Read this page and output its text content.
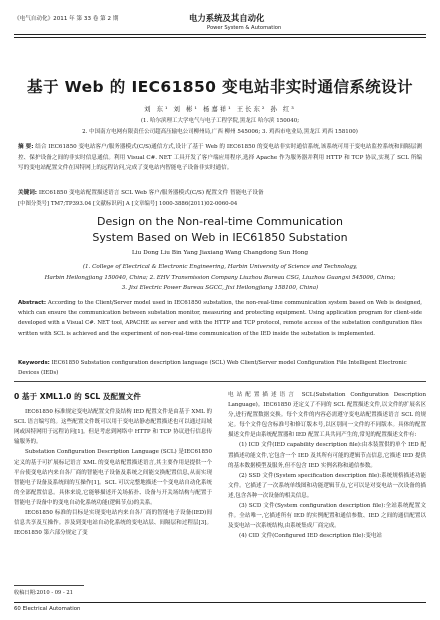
《电气自动化》2011 年 第 33 卷 第 2 期	电力系统及其自动化
Power System & Automation
基于 Web 的 IEC61850 变电站非实时通信系统设计
刘 东¹ 刘 彬¹ 杨嘉祥¹ 王长东² 孙 红³
(1. 哈尔滨理工大学电气与电子工程学院,黑龙江 哈尔滨 150040;
2. 中国南方电网有限责任公司超高压输电公司柳州局,广西 柳州 545006; 3. 鸡西市电业局,黑龙江 鸡西 158100)
摘 要: 结合 IEC61850 变电站客户/服务器模式(C/S)通信方式,设计了基于 Web 的 IEC61850 的变电站非实时通信系统,该系统可用于变电站监控系统和间隔层测控、保护设备之间的非实时信息通信。利用 Visual C#. NET 工具开发了客户端应用程序,选择 Apache 作为服务器并利用 HTTP 和 TCP 协议,实现了 SCL 所编写的变电站配置文件在因特网上的远程访问,完成了变电站内智能电子设备非实时通信。
关键词: IEC61850 变电站配置描述语言 SCL Web 客户/服务器模式(C/S) 配置文件 智能电子设备
[中图分类号] TM7;TP393.04 [文献标识码] A [文章编号] 1000-3886(2011)02-0060-04
Design on the Non-real-time Communication
System Based on Web in IEC61850 Substation
Liu Dong Liu Bin Yang Jiaxiang Wang Changdong Sun Hong
(1. College of Electrical & Electronic Engineering, Harbin University of Science and Technology,
Harbin Heilongjiang 150040, China; 2. EHV Transmission Company Liuzhou Bureau CSG, Liuzhou Guangxi 545006, China;
3. Jixi Electric Power Bureau SGCC, Jixi Heilongjiang 158100, China)
Abstract: According to the Client/Server model used in IEC61850 substation, the non-real-time communication system based on Web is designed, which can ensure the communication between substation monitor, measuring and protecting equipment. Using application program for client-side developed with a Visual C#. NET tool, APACHE as server and with the HTTP and TCP protocol, remote access of the substation configuration files written with SCL is achieved and the experiment of non-real-time communication of the IED inside the substation is implemented.
Keywords: IEC61850 Substation configuration description language (SCL) Web Client/Server model Configuration File Intelligent Electronic Devices (IEDs)
0 基于 XML1.0 的 SCL 及配置文件

IEC61850 标准规定变电站配置文件及结构 IED 配置文件是由基于 XML 的 SCL 语言编写的。这些配置文件既可以用于变电站静态配置描述也可以通过局域网或因特网用于远程访问[1]。但是考虑到网络中 HTTP 和 TCP 协议进行信息传输服务的。

Substation Configuration Description Language (SCL) 是IEC61850 定义的基于可扩展标记语言 XML 的变电站配置描述语言,其主要作用是提供一个平台使变电站内来自各厂商的智能电子设备及系统之间能交换配置信息,从而实现智能电子设备及系统间的互操作[1]。SCL 可以完整地描述一个变电站自动化系统的全部配置信息。具体来说,它能够描述开关场拓扑、设备与开关场结构与配置于智能电子设备中的变电自动化系统功能(逻辑节点)的关系。

IEC61850 标准的目标是实现变电站内来自各厂商的智能电子设备(IED)间信息共享及互操作。涉及到变电站自动化系统的变电站层、间隔层和过程层[3]。IEC61850 第六部分规定了变

电站配置描述语言 SCL(Substation Configuration Description Language)。IEC61850 还定义了不同的 SCL 配置描述文件,以文件的扩展名区分,进行配置数据交换。每个文件的内容必需遵守变电站配置描述语言 SCL 的规定。每个文件包含标准号和修订版本号,以区别同一文件的不同版本。具体的配置描述文件是由系统配置器和 IED 配置工具共同产生的,常见的配置描述文件有:

(1) ICD 文件(IED capability description file):由本装置供的单个 IED 配置描述功能文件,它包含一个 IED 及其所有可能的逻辑节点信息,它描述 IED 提供的基本数据模型及服务,但不包含 IED 实例名称和通信参数。

(2) SSD 文件(System specification description file):系统规格描述功能文件。它描述了一次系统单线图和功能逻辑节点,它可以是对变电站一次设备的描述,包含各种一次设备的相关信息。

(3) SCD 文件(System configuration description file):全站系统配置文件。全站唯一,它描述所有 IED 的实例配置和通信参数、IED 之间的通信配置以及变电站一次系统结构,由系统集成厂商完成。

(4) CID 文件(Configured IED description file):变电站

收稿日期:2010 - 09 - 21
60 Electrical Automation
